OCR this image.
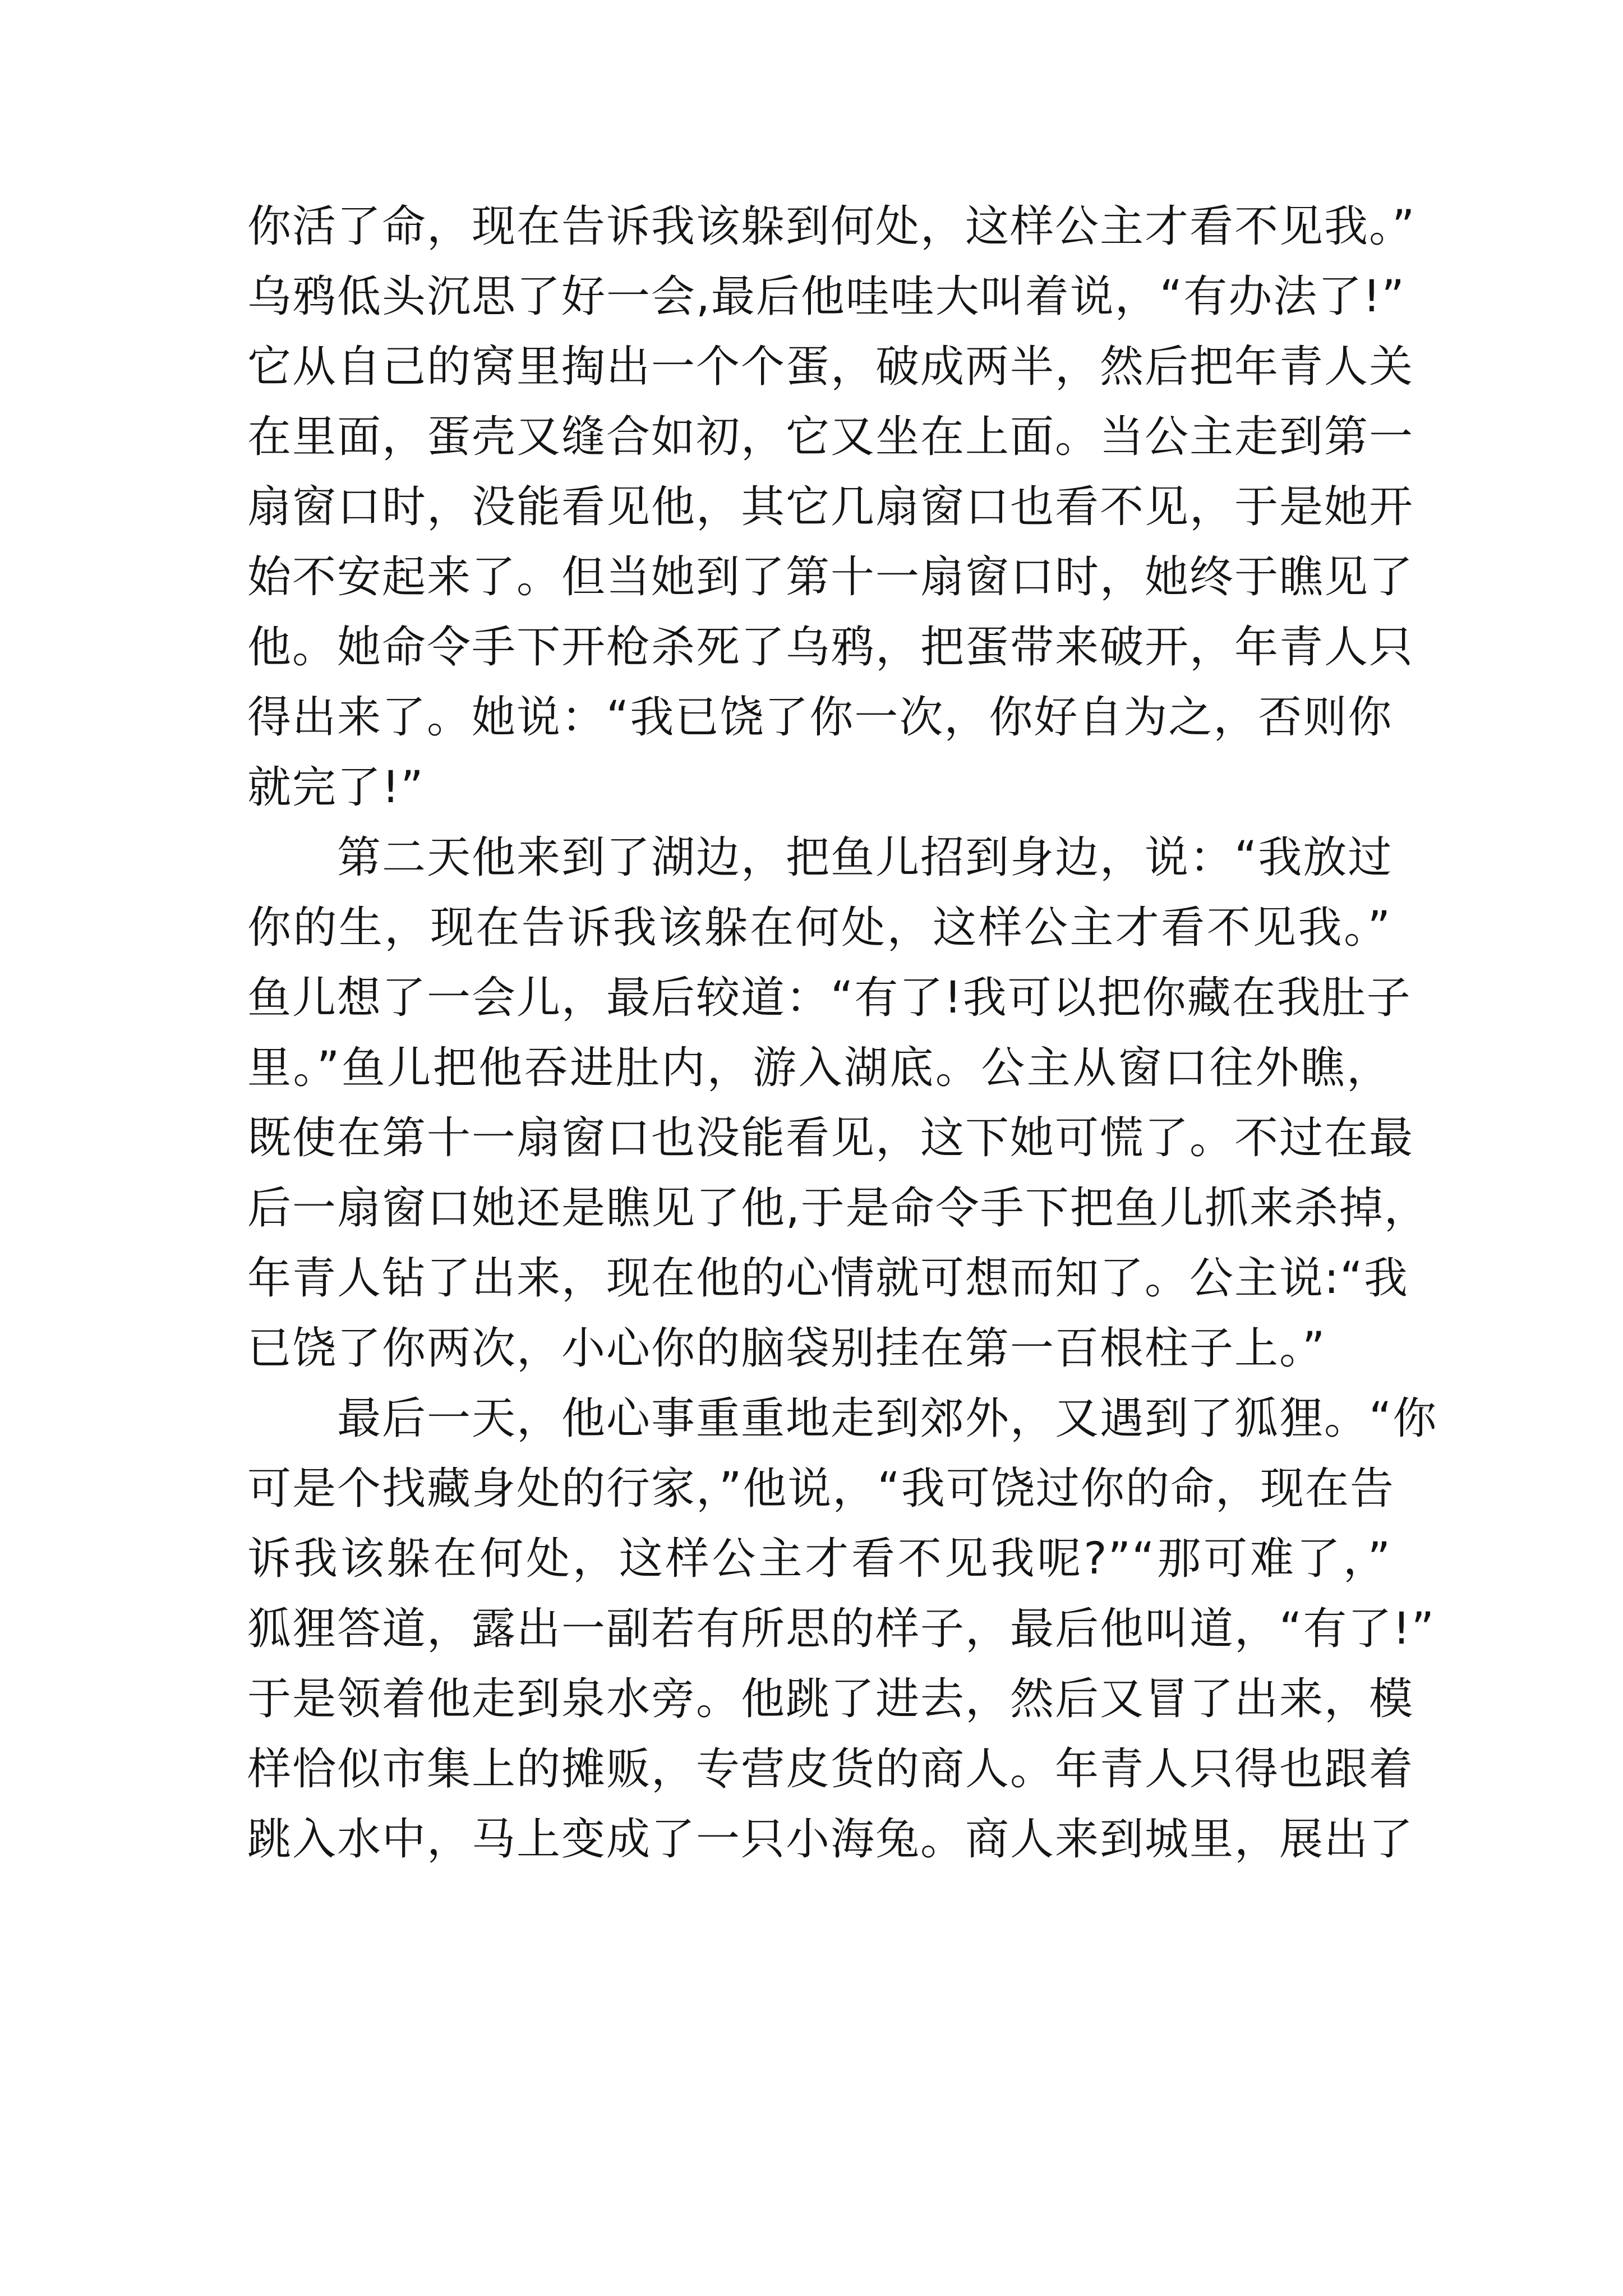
你活了命，现在告诉我该躲到何处，这样公主才看不见我。”
乌鸦低头沉思了好一会,最后他哇哇大叫着说，“有办法了!”
它从自己的窝里掏出一个个蛋，破成两半，然后把年青人关
在里面，蛋壳又缝合如初，它又坐在上面。当公主走到第一
扇窗口时，没能看见他，其它几扇窗口也看不见，于是她开
始不安起来了。但当她到了第十一扇窗口时，她终于瞧见了
他。她命令手下开枪杀死了乌鸦，把蛋带来破开，年青人只
得出来了。她说：“我已饶了你一次，你好自为之，否则你
就完了!”
　　第二天他来到了湖边，把鱼儿招到身边，说：“我放过
你的生，现在告诉我该躲在何处，这样公主才看不见我。”
鱼儿想了一会儿，最后较道：“有了!我可以把你藏在我肚子
里。”鱼儿把他吞进肚内，游入湖底。公主从窗口往外瞧，
既使在第十一扇窗口也没能看见，这下她可慌了。不过在最
后一扇窗口她还是瞧见了他,于是命令手下把鱼儿抓来杀掉，
年青人钻了出来，现在他的心情就可想而知了。公主说:“我
已饶了你两次，小心你的脑袋别挂在第一百根柱子上。”
　　最后一天，他心事重重地走到郊外，又遇到了狐狸。“你
可是个找藏身处的行家，”他说，“我可饶过你的命，现在告
诉我该躲在何处，这样公主才看不见我呢?”“那可难了，”
狐狸答道，露出一副若有所思的样子，最后他叫道，“有了!”
于是领着他走到泉水旁。他跳了进去，然后又冒了出来，模
样恰似市集上的摊贩，专营皮货的商人。年青人只得也跟着
跳入水中，马上变成了一只小海兔。商人来到城里，展出了
